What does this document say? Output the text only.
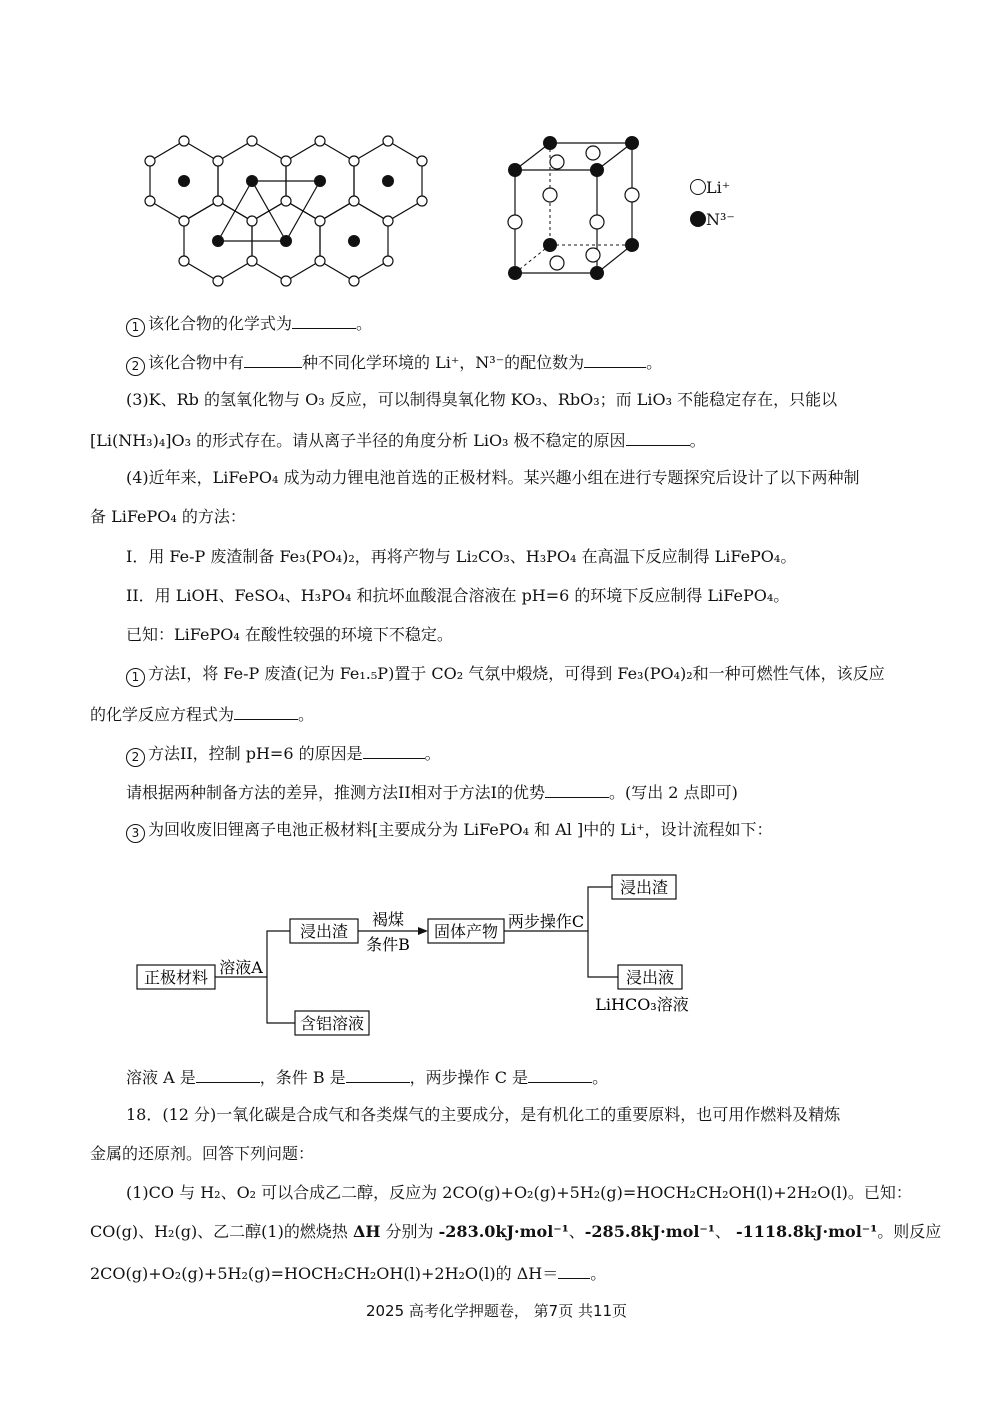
Li⁺
N³⁻
1 该化合物的化学式为	。
2 该化合物中有	种不同化学环境的 Li⁺，N³⁻的配位数为	。
(3)K、Rb 的氢氧化物与 O₃ 反应，可以制得臭氧化物 KO₃、RbO₃；而 LiO₃ 不能稳定存在，只能以
[Li(NH₃)₄]O₃ 的形式存在。请从离子半径的角度分析 LiO₃ 极不稳定的原因	。
(4)近年来，LiFePO₄ 成为动力锂电池首选的正极材料。某兴趣小组在进行专题探究后设计了以下两种制
备 LiFePO₄ 的方法：
I．用 Fe-P 废渣制备 Fe₃(PO₄)₂，再将产物与 Li₂CO₃、H₃PO₄ 在高温下反应制得 LiFePO₄。
II．用 LiOH、FeSO₄、H₃PO₄ 和抗坏血酸混合溶液在 pH=6 的环境下反应制得 LiFePO₄。
已知：LiFePO₄ 在酸性较强的环境下不稳定。
1 方法I，将 Fe-P 废渣(记为 Fe₁.₅P)置于 CO₂ 气氛中煅烧，可得到 Fe₃(PO₄)₂和一种可燃性气体，该反应
的化学反应方程式为	。
2 方法II，控制 pH=6 的原因是	。
请根据两种制备方法的差异，推测方法II相对于方法I的优势	。(写出 2 点即可)
3 为回收废旧锂离子电池正极材料[主要成分为 LiFePO₄ 和 Al ]中的 Li⁺，设计流程如下：
正极材料
溶液A
浸出渣
含铝溶液
褐煤
条件B
固体产物
两步操作C
浸出渣
浸出液
LiHCO₃溶液
溶液 A 是	，条件 B 是	，两步操作 C 是	。
18．(12 分)一氧化碳是合成气和各类煤气的主要成分，是有机化工的重要原料，也可用作燃料及精炼
金属的还原剂。回答下列问题：
(1)CO 与 H₂、O₂ 可以合成乙二醇，反应为 2CO(g)+O₂(g)+5H₂(g)=HOCH₂CH₂OH(l)+2H₂O(l)。已知：
CO(g)、H₂(g)、乙二醇(1)的燃烧热 ΔH 分别为 -283.0kJ·mol⁻¹、-285.8kJ·mol⁻¹、 -1118.8kJ·mol⁻¹。则反应
2CO(g)+O₂(g)+5H₂(g)=HOCH₂CH₂OH(l)+2H₂O(l)的 ΔH＝ 。
2025 高考化学押题卷， 第7页 共11页
